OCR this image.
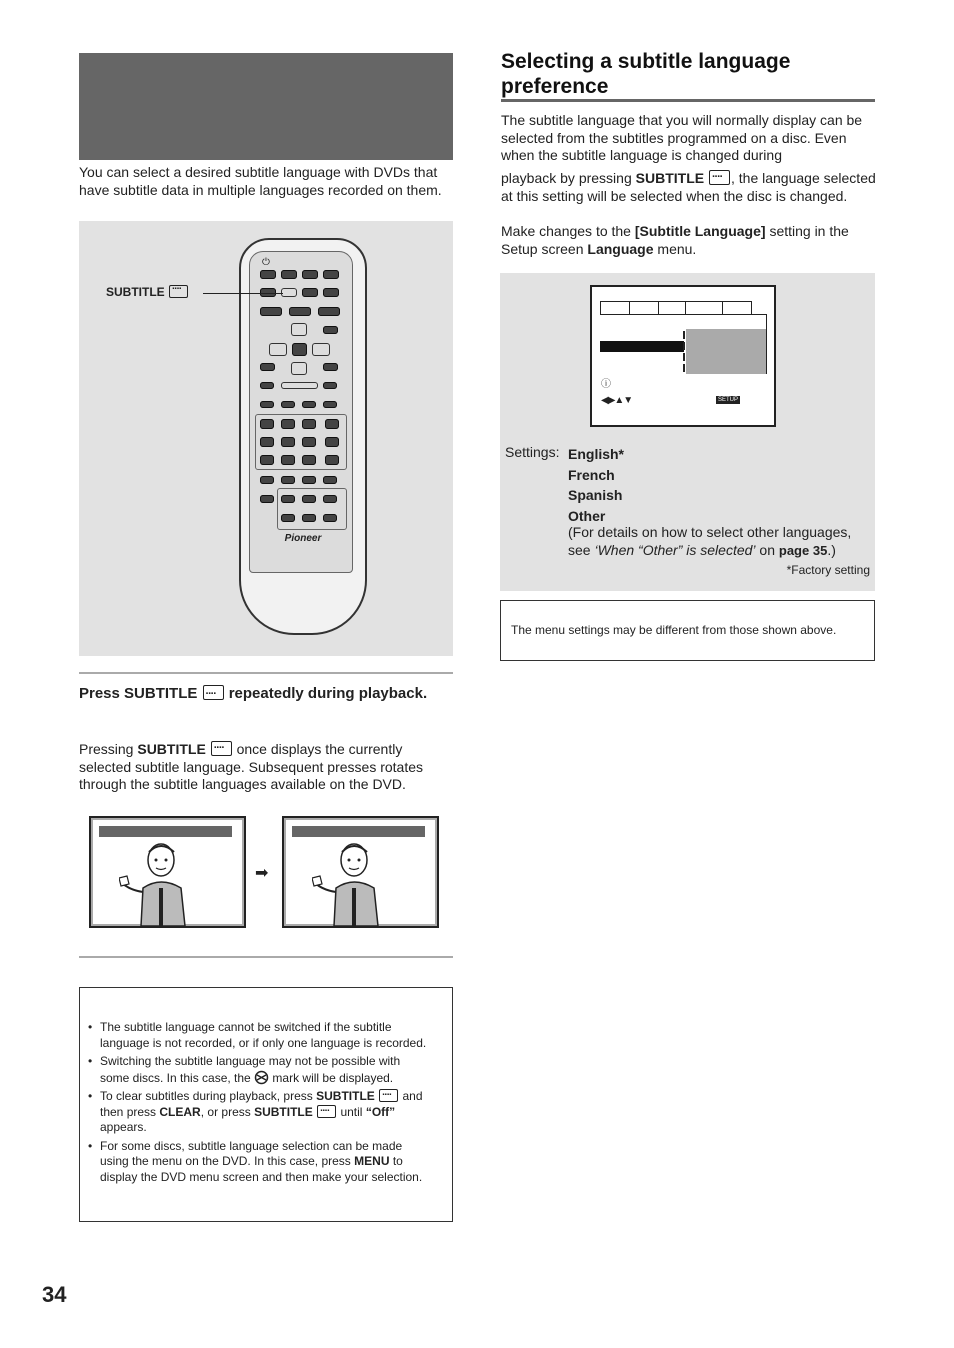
You can select a desired subtitle language with DVDs that have subtitle data in multiple languages recorded on them.
⏻
Pioneer
SUBTITLE ....
Press SUBTITLE .... repeatedly during playback.
Pressing SUBTITLE .... once displays the currently selected subtitle language. Subsequent presses rotates through the subtitle languages available on the DVD.
➡
• The subtitle language cannot be switched if the subtitle language is not recorded, or if only one language is recorded.
• Switching the subtitle language may not be possible with some discs. In this case, the mark will be displayed.
• To clear subtitles during playback, press SUBTITLE .... and then press CLEAR, or press SUBTITLE .... until “Off” appears.
• For some discs, subtitle language selection can be made using the menu on the DVD. In this case, press MENU to display the DVD menu screen and then make your selection.
34
Selecting a subtitle language preference
The subtitle language that you will normally display can be selected from the subtitles programmed on a disc. Even when the subtitle language is changed during
playback by pressing SUBTITLE .... , the language selected at this setting will be selected when the disc is changed.
Make changes to the [Subtitle Language] setting in the Setup screen Language menu.
ⓘ
◀▶▲▼	SETUP
Settings: English*
French
Spanish
Other
(For details on how to select other languages, see ‘When “Other” is selected’ on page 35.)
*Factory setting
The menu settings may be different from those shown above.
